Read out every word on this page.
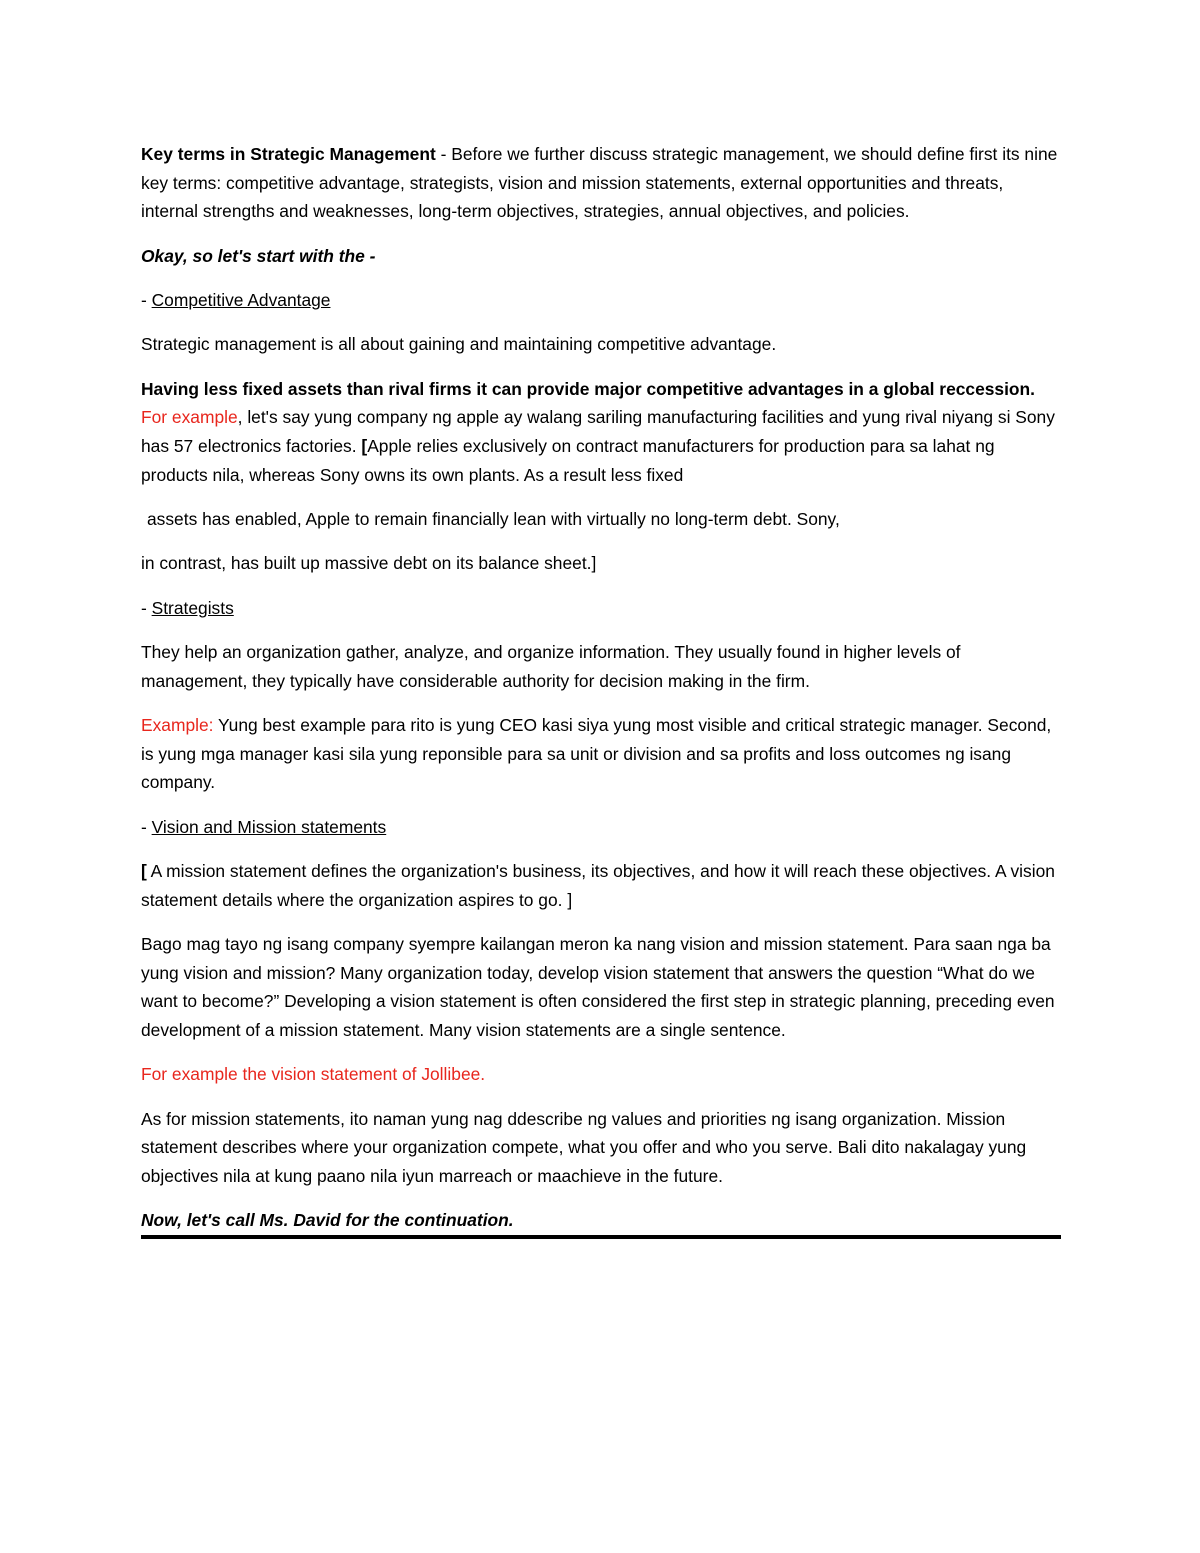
Key terms in Strategic Management - Before we further discuss strategic management, we should define first its nine key terms: competitive advantage, strategists, vision and mission statements, external opportunities and threats, internal strengths and weaknesses, long-term objectives, strategies, annual objectives, and policies.

Okay, so let's start with the -

- Competitive Advantage

Strategic management is all about gaining and maintaining competitive advantage.

Having less fixed assets than rival firms it can provide major competitive advantages in a global reccession. For example, let's say yung company ng apple ay walang sariling manufacturing facilities and yung rival niyang si Sony has 57 electronics factories. [Apple relies exclusively on contract manufacturers for production para sa lahat ng products nila, whereas Sony owns its own plants. As a result less fixed

assets has enabled, Apple to remain financially lean with virtually no long-term debt. Sony,

in contrast, has built up massive debt on its balance sheet.]

- Strategists

They help an organization gather, analyze, and organize information. They usually found in higher levels of management, they typically have considerable authority for decision making in the firm.

Example: Yung best example para rito is yung CEO kasi siya yung most visible and critical strategic manager. Second, is yung mga manager kasi sila yung reponsible para sa unit or division and sa profits and loss outcomes ng isang company.

- Vision and Mission statements

[ A mission statement defines the organization's business, its objectives, and how it will reach these objectives. A vision statement details where the organization aspires to go. ]

Bago mag tayo ng isang company syempre kailangan meron ka nang vision and mission statement. Para saan nga ba yung vision and mission? Many organization today, develop vision statement that answers the question “What do we want to become?” Developing a vision statement is often considered the first step in strategic planning, preceding even development of a mission statement. Many vision statements are a single sentence.

For example the vision statement of Jollibee.

As for mission statements, ito naman yung nag ddescribe ng values and priorities ng isang organization. Mission statement describes where your organization compete, what you offer and who you serve. Bali dito nakalagay yung objectives nila at kung paano nila iyun marreach or maachieve in the future.

Now, let's call Ms. David for the continuation.
